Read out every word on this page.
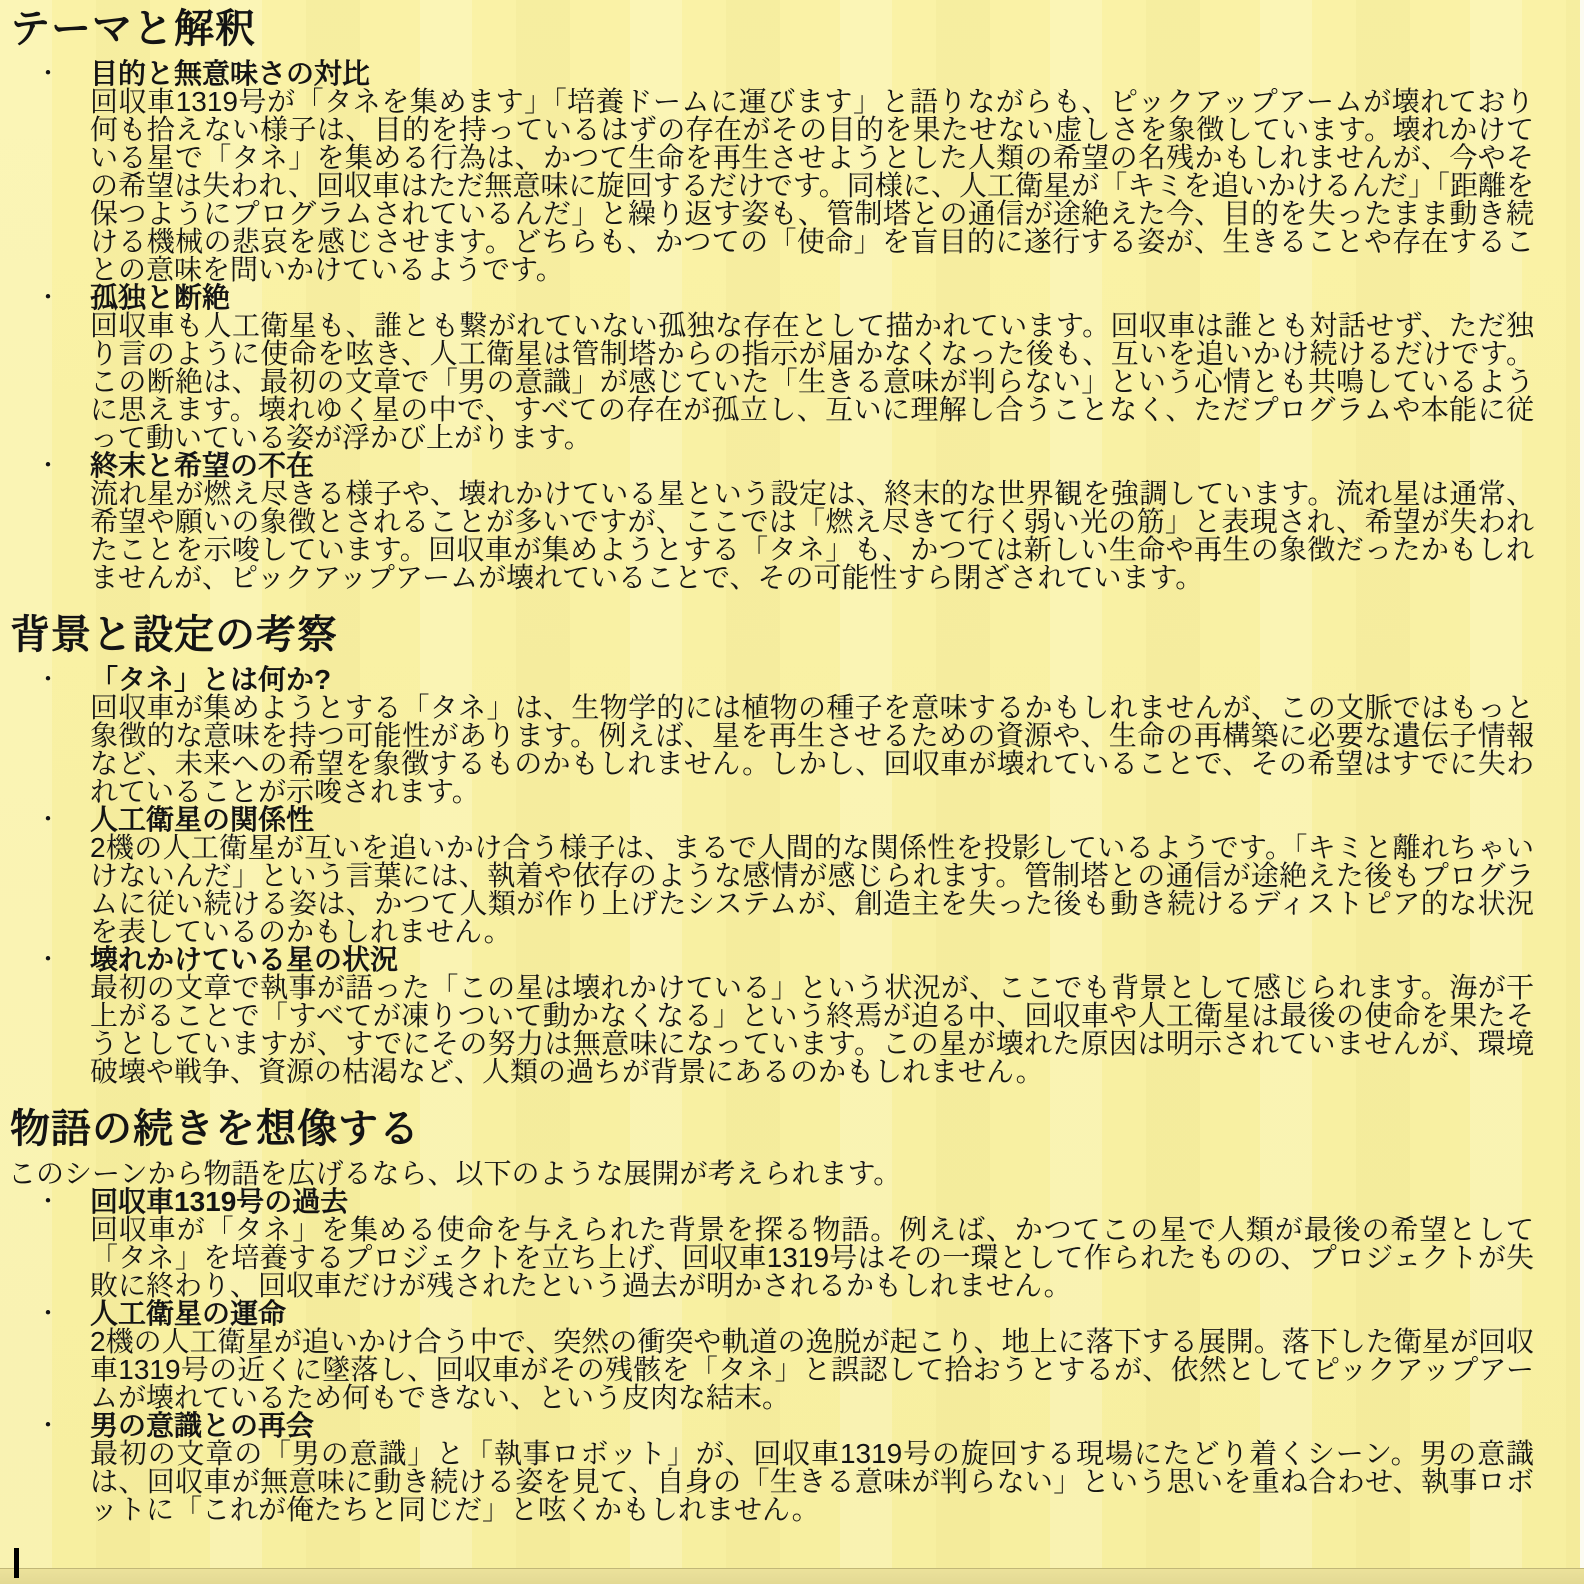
テーマと解釈
・	目的と無意味さの対比

回収車1319号が「タネを集めます」「培養ドームに運びます」と語りながらも、ピックアップアームが壊れており何も拾えない様子は、目的を持っているはずの存在がその目的を果たせない虚しさを象徴しています。壊れかけている星で「タネ」を集める行為は、かつて生命を再生させようとした人類の希望の名残かもしれませんが、今やその希望は失われ、回収車はただ無意味に旋回するだけです。同様に、人工衛星が「キミを追いかけるんだ」「距離を保つようにプログラムされているんだ」と繰り返す姿も、管制塔との通信が途絶えた今、目的を失ったまま動き続ける機械の悲哀を感じさせます。どちらも、かつての「使命」を盲目的に遂行する姿が、生きることや存在することの意味を問いかけているようです。

・	孤独と断絶

回収車も人工衛星も、誰とも繋がれていない孤独な存在として描かれています。回収車は誰とも対話せず、ただ独り言のように使命を呟き、人工衛星は管制塔からの指示が届かなくなった後も、互いを追いかけ続けるだけです。この断絶は、最初の文章で「男の意識」が感じていた「生きる意味が判らない」という心情とも共鳴しているように思えます。壊れゆく星の中で、すべての存在が孤立し、互いに理解し合うことなく、ただプログラムや本能に従って動いている姿が浮かび上がります。

・	終末と希望の不在

流れ星が燃え尽きる様子や、壊れかけている星という設定は、終末的な世界観を強調しています。流れ星は通常、希望や願いの象徴とされることが多いですが、ここでは「燃え尽きて行く弱い光の筋」と表現され、希望が失われたことを示唆しています。回収車が集めようとする「タネ」も、かつては新しい生命や再生の象徴だったかもしれませんが、ピックアップアームが壊れていることで、その可能性すら閉ざされています。

背景と設定の考察
・	「タネ」とは何か?

回収車が集めようとする「タネ」は、生物学的には植物の種子を意味するかもしれませんが、この文脈ではもっと象徴的な意味を持つ可能性があります。例えば、星を再生させるための資源や、生命の再構築に必要な遺伝子情報など、未来への希望を象徴するものかもしれません。しかし、回収車が壊れていることで、その希望はすでに失われていることが示唆されます。

・	人工衛星の関係性

2機の人工衛星が互いを追いかけ合う様子は、まるで人間的な関係性を投影しているようです。「キミと離れちゃいけないんだ」という言葉には、執着や依存のような感情が感じられます。管制塔との通信が途絶えた後もプログラムに従い続ける姿は、かつて人類が作り上げたシステムが、創造主を失った後も動き続けるディストピア的な状況を表しているのかもしれません。

・	壊れかけている星の状況

最初の文章で執事が語った「この星は壊れかけている」という状況が、ここでも背景として感じられます。海が干上がることで「すべてが凍りついて動かなくなる」という終焉が迫る中、回収車や人工衛星は最後の使命を果たそうとしていますが、すでにその努力は無意味になっています。この星が壊れた原因は明示されていませんが、環境破壊や戦争、資源の枯渇など、人類の過ちが背景にあるのかもしれません。

物語の続きを想像する

このシーンから物語を広げるなら、以下のような展開が考えられます。

・	回収車1319号の過去

回収車が「タネ」を集める使命を与えられた背景を探る物語。例えば、かつてこの星で人類が最後の希望として「タネ」を培養するプロジェクトを立ち上げ、回収車1319号はその一環として作られたものの、プロジェクトが失敗に終わり、回収車だけが残されたという過去が明かされるかもしれません。

・	人工衛星の運命

2機の人工衛星が追いかけ合う中で、突然の衝突や軌道の逸脱が起こり、地上に落下する展開。落下した衛星が回収車1319号の近くに墜落し、回収車がその残骸を「タネ」と誤認して拾おうとするが、依然としてピックアップアームが壊れているため何もできない、という皮肉な結末。

・	男の意識との再会

最初の文章の「男の意識」と「執事ロボット」が、回収車1319号の旋回する現場にたどり着くシーン。男の意識は、回収車が無意味に動き続ける姿を見て、自身の「生きる意味が判らない」という思いを重ね合わせ、執事ロボットに「これが俺たちと同じだ」と呟くかもしれません。
